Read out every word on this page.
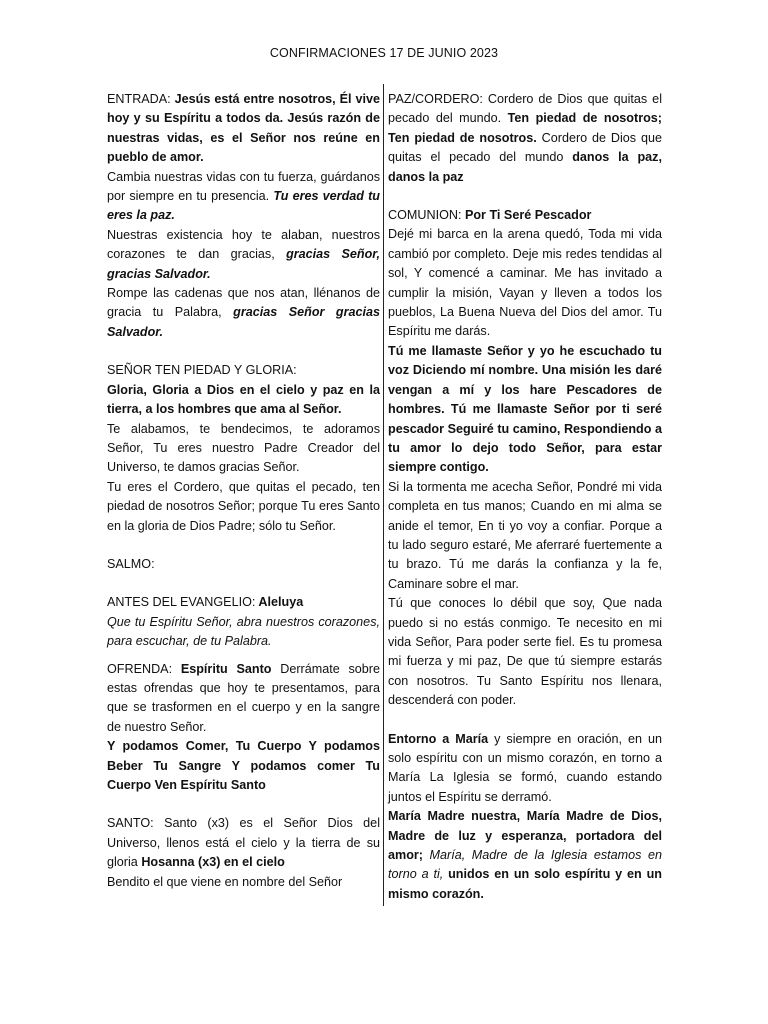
CONFIRMACIONES 17 DE JUNIO 2023

ENTRADA: Jesús está entre nosotros, Él vive hoy y su Espíritu a todos da. Jesús razón de nuestras vidas, es el Señor nos reúne en pueblo de amor.

Cambia nuestras vidas con tu fuerza, guárdanos por siempre en tu presencia. Tu eres verdad tu eres la paz.

Nuestras existencia hoy te alaban, nuestros corazones te dan gracias, gracias Señor, gracias Salvador.

Rompe las cadenas que nos atan, llénanos de gracia tu Palabra, gracias Señor gracias Salvador.

SEÑOR TEN PIEDAD Y GLORIA:

Gloria, Gloria a Dios en el cielo y paz en la tierra, a los hombres que ama al Señor.

Te alabamos, te bendecimos, te adoramos Señor, Tu eres nuestro Padre Creador del Universo, te damos gracias Señor.

Tu eres el Cordero, que quitas el pecado, ten piedad de nosotros Señor; porque Tu eres Santo en la gloria de Dios Padre; sólo tu Señor.

SALMO:

ANTES DEL EVANGELIO: Aleluya

Que tu Espíritu Señor, abra nuestros corazones, para escuchar, de tu Palabra.

OFRENDA: Espíritu Santo Derrámate sobre estas ofrendas que hoy te presentamos, para que se trasformen en el cuerpo y en la sangre de nuestro Señor.

Y podamos Comer, Tu Cuerpo Y podamos Beber Tu Sangre Y podamos comer Tu Cuerpo Ven Espíritu Santo

SANTO: Santo (x3) es el Señor Dios del Universo, llenos está el cielo y la tierra de su gloria Hosanna (x3) en el cielo

Bendito el que viene en nombre del Señor

PAZ/CORDERO: Cordero de Dios que quitas el pecado del mundo. Ten piedad de nosotros; Ten piedad de nosotros. Cordero de Dios que quitas el pecado del mundo danos la paz, danos la paz

COMUNION: Por Ti Seré Pescador

Dejé mi barca en la arena quedó, Toda mi vida cambió por completo. Deje mis redes tendidas al sol, Y comencé a caminar. Me has invitado a cumplir la misión, Vayan y lleven a todos los pueblos, La Buena Nueva del Dios del amor. Tu Espíritu me darás.

Tú me llamaste Señor y yo he escuchado tu voz Diciendo mí nombre. Una misión les daré vengan a mí y los hare Pescadores de hombres. Tú me llamaste Señor por ti seré pescador Seguiré tu camino, Respondiendo a tu amor lo dejo todo Señor, para estar siempre contigo.

Si la tormenta me acecha Señor, Pondré mi vida completa en tus manos; Cuando en mi alma se anide el temor, En ti yo voy a confiar. Porque a tu lado seguro estaré, Me aferraré fuertemente a tu brazo. Tú me darás la confianza y la fe, Caminare sobre el mar.

Tú que conoces lo débil que soy, Que nada puedo si no estás conmigo. Te necesito en mi vida Señor, Para poder serte fiel. Es tu promesa mi fuerza y mi paz, De que tú siempre estarás con nosotros. Tu Santo Espíritu nos llenara, descenderá con poder.

Entorno a María y siempre en oración, en un solo espíritu con un mismo corazón, en torno a María La Iglesia se formó, cuando estando juntos el Espíritu se derramó.

María Madre nuestra, María Madre de Dios, Madre de luz y esperanza, portadora del amor; María, Madre de la Iglesia estamos en torno a ti, unidos en un solo espíritu y en un mismo corazón.
